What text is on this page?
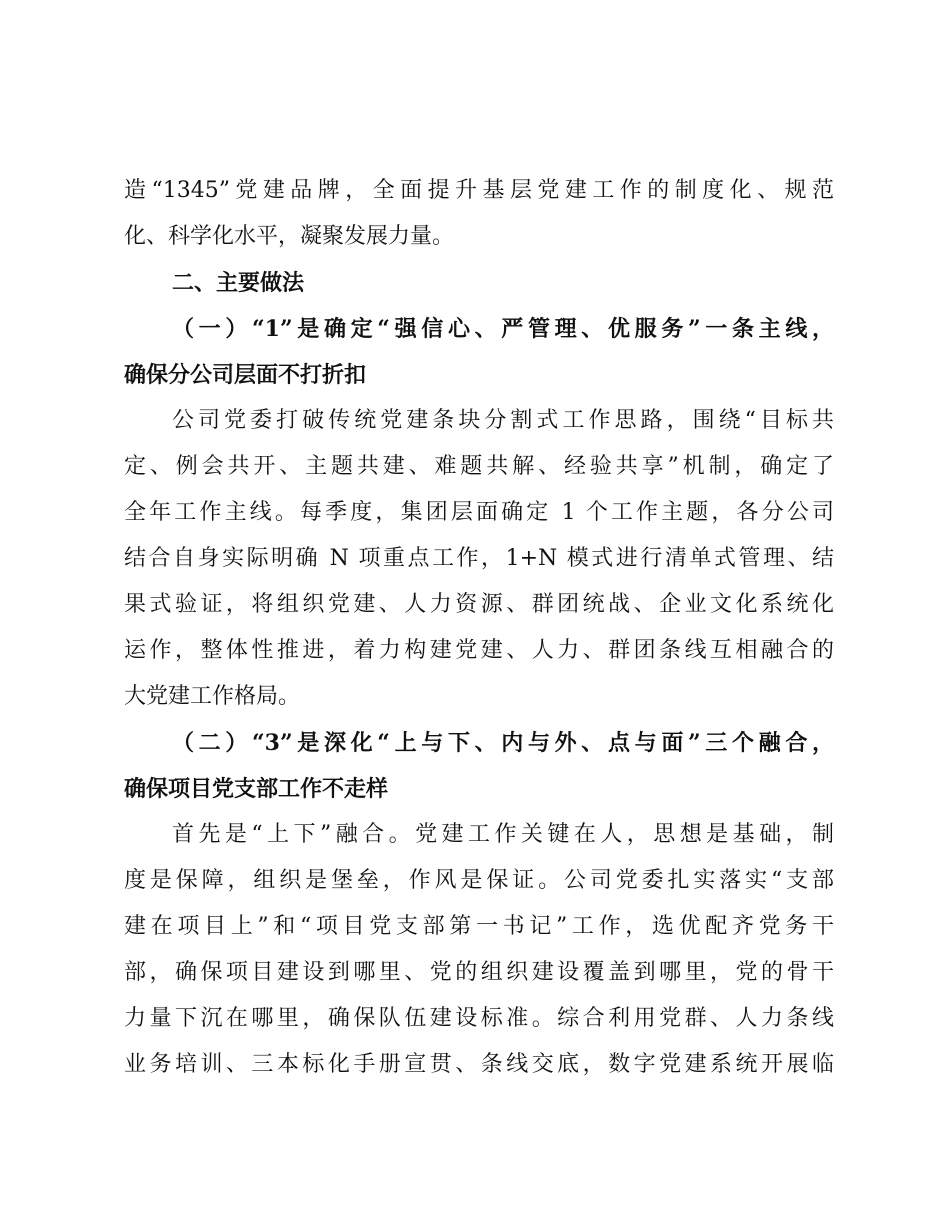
造“1345”党建品牌，全面提升基层党建工作的制度化、规范
化、科学化水平，凝聚发展力量。
二、主要做法
（一）“1”是确定“强信心、严管理、优服务”一条主线，
确保分公司层面不打折扣
公司党委打破传统党建条块分割式工作思路，围绕“目标共
定、例会共开、主题共建、难题共解、经验共享”机制，确定了
全年工作主线。每季度，集团层面确定 1 个工作主题，各分公司
结合自身实际明确 N 项重点工作，1+N 模式进行清单式管理、结
果式验证，将组织党建、人力资源、群团统战、企业文化系统化
运作，整体性推进，着力构建党建、人力、群团条线互相融合的
大党建工作格局。
（二）“3”是深化“上与下、内与外、点与面”三个融合，
确保项目党支部工作不走样
首先是“上下”融合。党建工作关键在人，思想是基础，制
度是保障，组织是堡垒，作风是保证。公司党委扎实落实“支部
建在项目上”和“项目党支部第一书记”工作，选优配齐党务干
部，确保项目建设到哪里、党的组织建设覆盖到哪里，党的骨干
力量下沉在哪里，确保队伍建设标准。综合利用党群、人力条线
业务培训、三本标化手册宣贯、条线交底，数字党建系统开展临
